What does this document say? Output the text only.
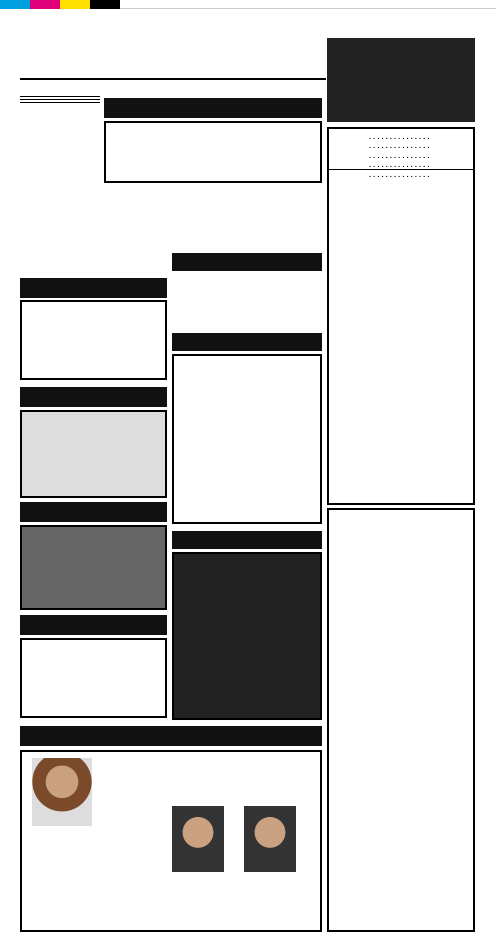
. . .
. . .
. . .
. . .
. . .
